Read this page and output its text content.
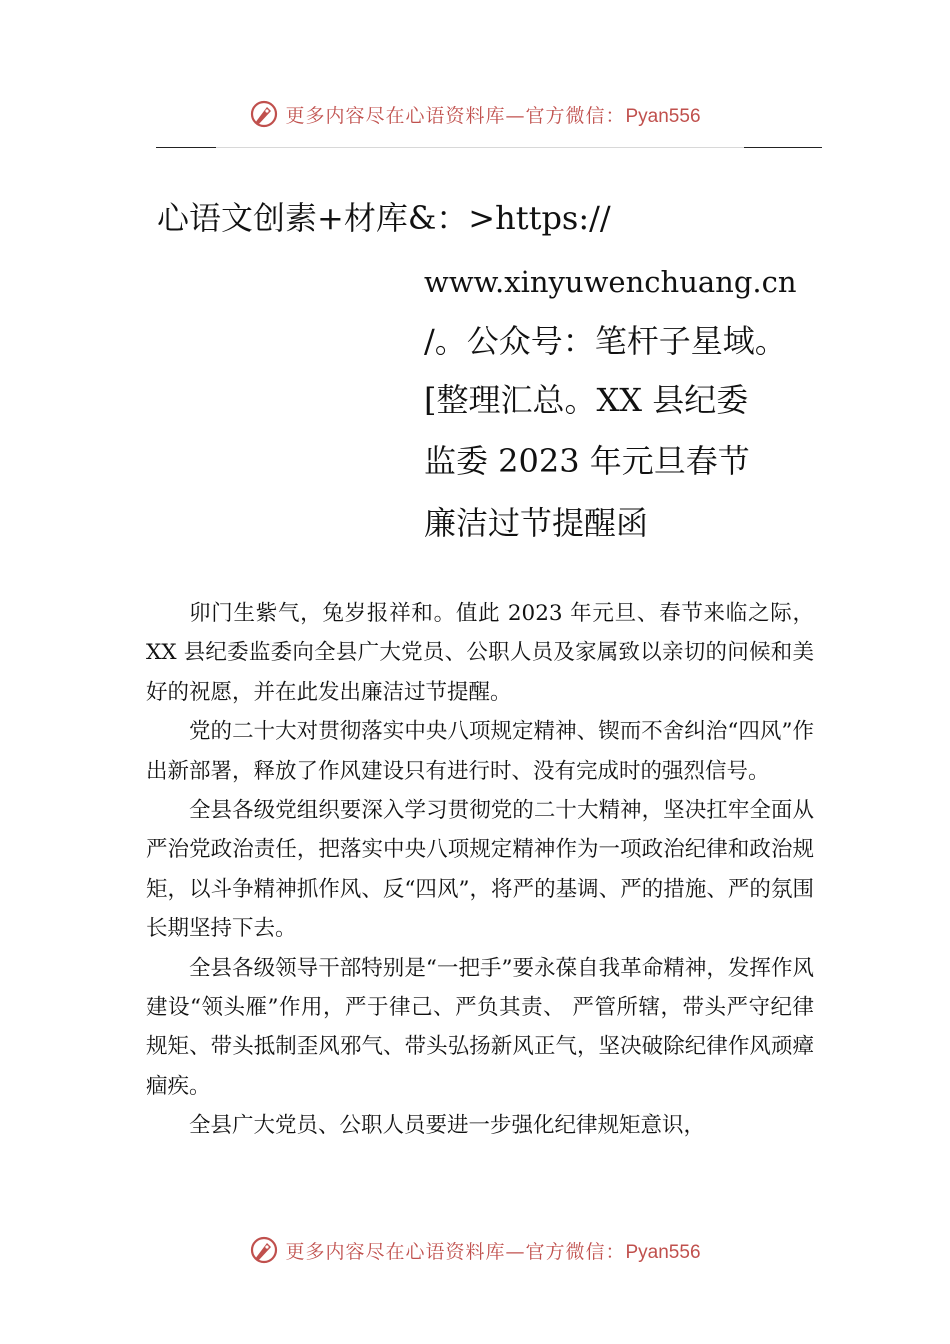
更多内容尽在心语资料库—官方微信：Pyan556
心语文创素+材库&：>https://
www.xinyuwenchuang.cn
/。公众号：笔杆子星域。
[整理汇总。XX 县纪委
监委 2023 年元旦春节
廉洁过节提醒函

卯门生紫气，兔岁报祥和。值此 2023 年元旦、春节来临之际，XX 县纪委监委向全县广大党员、公职人员及家属致以亲切的问候和美好的祝愿，并在此发出廉洁过节提醒。

党的二十大对贯彻落实中央八项规定精神、锲而不舍纠治“四风”作出新部署，释放了作风建设只有进行时、没有完成时的强烈信号。

全县各级党组织要深入学习贯彻党的二十大精神，坚决扛牢全面从严治党政治责任，把落实中央八项规定精神作为一项政治纪律和政治规矩，以斗争精神抓作风、反“四风”，将严的基调、严的措施、严的氛围长期坚持下去。

全县各级领导干部特别是“一把手”要永葆自我革命精神，发挥作风建设“领头雁”作用，严于律己、严负其责、 严管所辖，带头严守纪律规矩、带头抵制歪风邪气、带头弘扬新风正气，坚决破除纪律作风顽瘴痼疾。

全县广大党员、公职人员要进一步强化纪律规矩意识，

更多内容尽在心语资料库—官方微信：Pyan556
